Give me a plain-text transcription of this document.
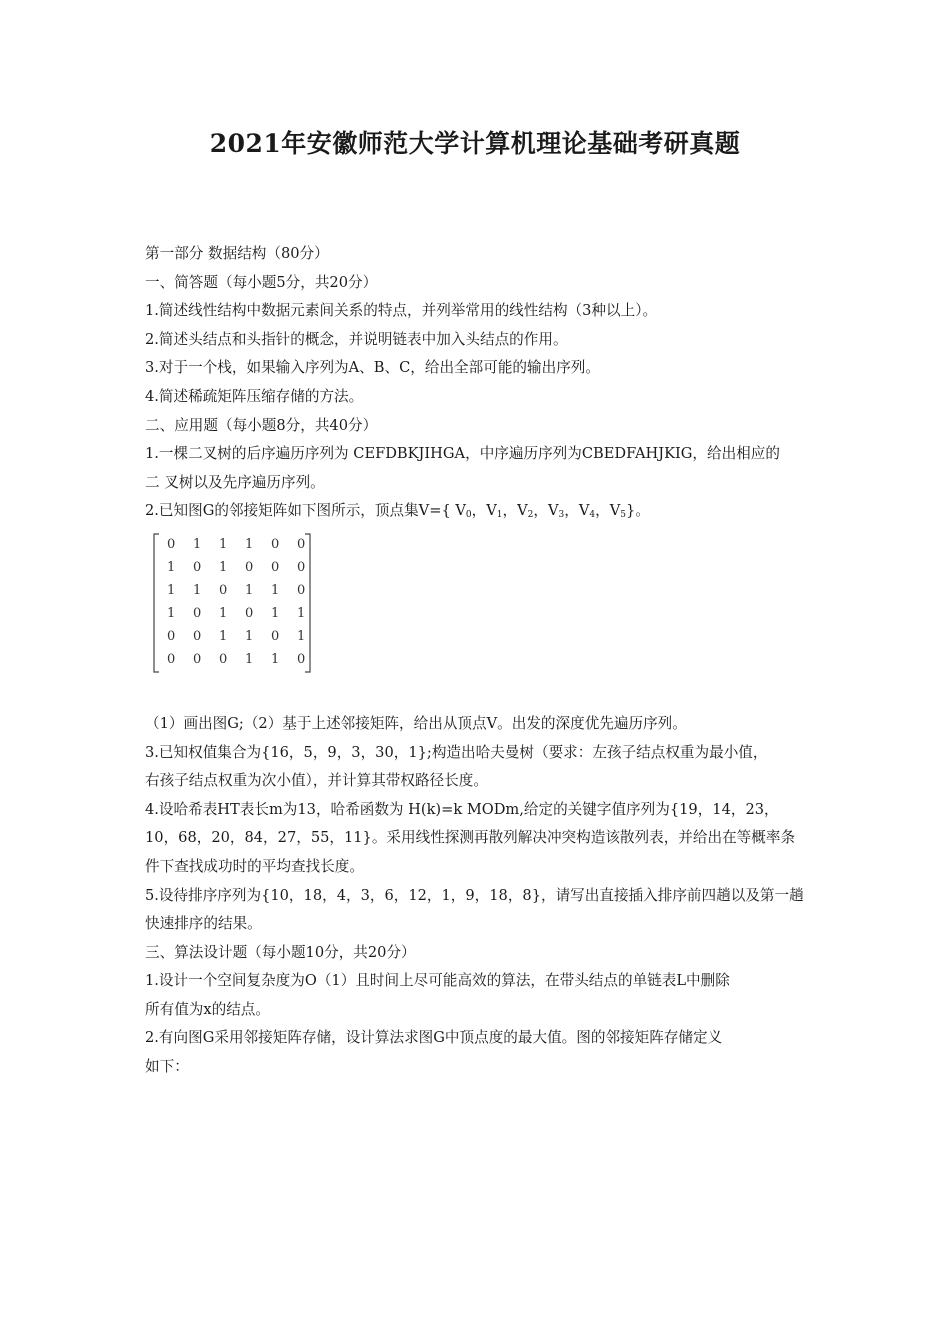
2021年安徽师范大学计算机理论基础考研真题

第一部分 数据结构（80分）

一、简答题（每小题5分，共20分）

1.简述线性结构中数据元素间关系的特点，并列举常用的线性结构（3种以上）。

2.简述头结点和头指针的概念，并说明链表中加入头结点的作用。

3.对于一个栈，如果输入序列为A、B、C，给出全部可能的输出序列。

4.简述稀疏矩阵压缩存储的方法。

二、应用题（每小题8分，共40分）

1.一棵二叉树的后序遍历序列为 CEFDBKJIHGA，中序遍历序列为CBEDFAHJKIG，给出相应的

二 叉树以及先序遍历序列。

2.已知图G的邻接矩阵如下图所示，顶点集V={ $V_0$，$V_1$，$V_2$，$V_3$，$V_4$，$V_5$}。

0 1 1 1 0 0
1 0 1 0 0 0
1 1 0 1 1 0
1 0 1 0 1 1
0 0 1 1 0 1
0 0 0 1 1 0

（1）画出图G;（2）基于上述邻接矩阵，给出从顶点V。出发的深度优先遍历序列。

3.已知权值集合为{16，5，9，3，30，1};构造出哈夫曼树（要求：左孩子结点权重为最小值，

右孩子结点权重为次小值），并计算其带权路径长度。

4.设哈希表HT表长m为13，哈希函数为 H(k)=k MODm,给定的关键字值序列为{19，14，23，

10，68，20，84，27，55，11}。采用线性探测再散列解决冲突构造该散列表，并给出在等概率条

件下查找成功时的平均查找长度。

5.设待排序序列为{10，18，4，3，6，12，1，9，18，8}，请写出直接插入排序前四趟以及第一趟

快速排序的结果。

三、算法设计题（每小题10分，共20分）

1.设计一个空间复杂度为O（1）且时间上尽可能高效的算法，在带头结点的单链表L中删除

所有值为x的结点。

2.有向图G采用邻接矩阵存储，设计算法求图G中顶点度的最大值。图的邻接矩阵存储定义

如下：
